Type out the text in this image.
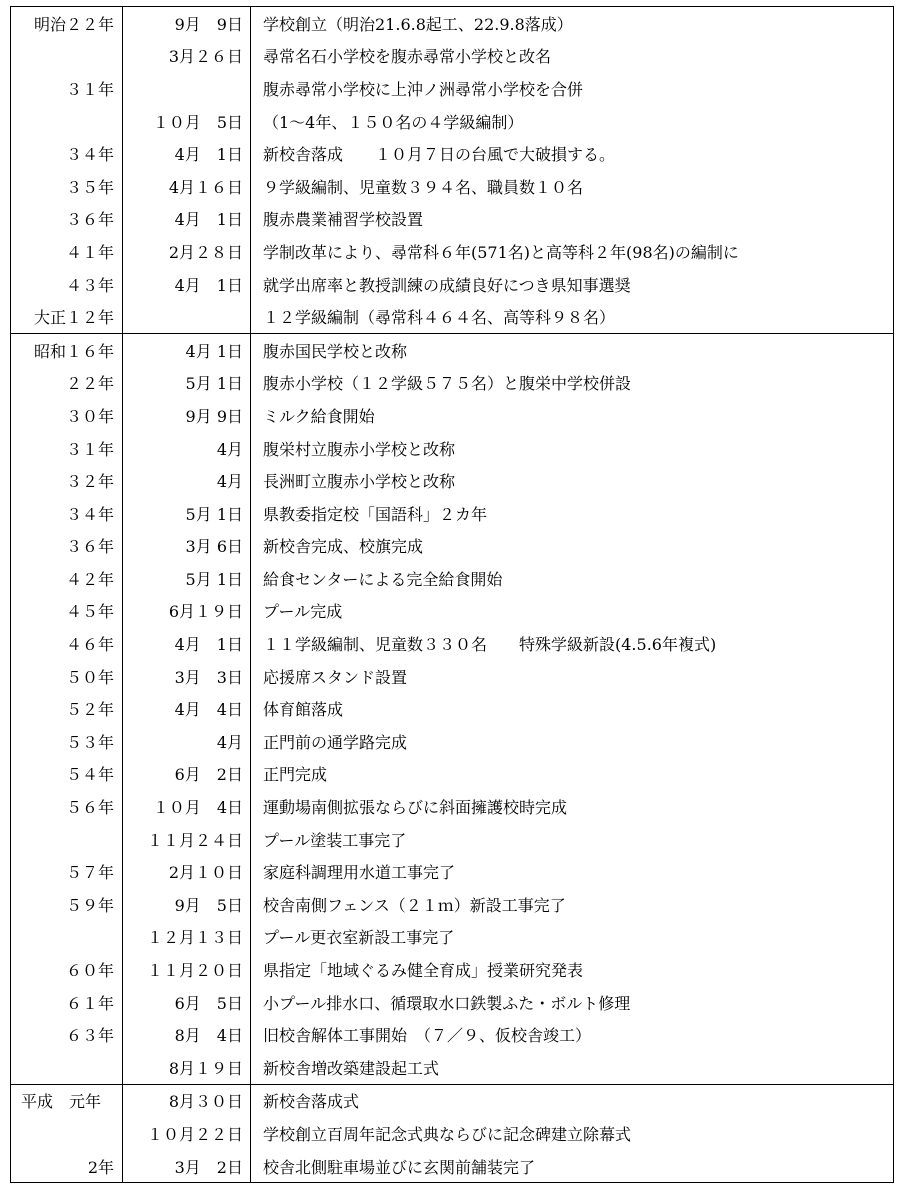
明治２２年	9月　9日	学校創立（明治21.6.8起工、22.9.8落成）
	3月２６日	尋常名石小学校を腹赤尋常小学校と改名
３１年		腹赤尋常小学校に上沖ノ洲尋常小学校を合併
	１０月　5日	（1～4年、１５０名の４学級編制）
３４年	4月　1日	新校舎落成　　１０月７日の台風で大破損する。
３５年	4月１６日	９学級編制、児童数３９４名、職員数１０名
３６年	4月　1日	腹赤農業補習学校設置
４１年	2月２８日	学制改革により、尋常科６年(571名)と高等科２年(98名)の編制に
４３年	4月　1日	就学出席率と教授訓練の成績良好につき県知事選奨
大正１２年		１２学級編制（尋常科４６４名、高等科９８名）
昭和１６年	4月 1日	腹赤国民学校と改称
２２年	5月 1日	腹赤小学校（１２学級５７５名）と腹栄中学校併設
３０年	9月 9日	ミルク給食開始
３１年	4月　　	腹栄村立腹赤小学校と改称
３２年	4月　　	長洲町立腹赤小学校と改称
３４年	5月 1日	県教委指定校「国語科」２カ年
３６年	3月 6日	新校舎完成、校旗完成
４２年	5月 1日	給食センターによる完全給食開始
４５年	6月１９日	プール完成
４６年	4月　1日	１１学級編制、児童数３３０名　　特殊学級新設(4.5.6年複式)
５０年	3月　3日	応援席スタンド設置
５２年	4月　4日	体育館落成
５３年	4月　　	正門前の通学路完成
５４年	6月　2日	正門完成
５６年	１０月　4日	運動場南側拡張ならびに斜面擁護校時完成
	１１月２４日	プール塗装工事完了
５７年	2月１０日	家庭科調理用水道工事完了
５９年	9月　5日	校舎南側フェンス（２１ｍ）新設工事完了
	１２月１３日	プール更衣室新設工事完了
６０年	１１月２０日	県指定「地域ぐるみ健全育成」授業研究発表
６１年	6月　5日	小プール排水口、循環取水口鉄製ふた・ボルト修理
６３年	8月　4日	旧校舎解体工事開始　（７／９、仮校舎竣工）
	8月１９日	新校舎増改築建設起工式
平成　元年	8月３０日	新校舎落成式
	１０月２２日	学校創立百周年記念式典ならびに記念碑建立除幕式
2年	3月　2日	校舎北側駐車場並びに玄関前舗装完了
